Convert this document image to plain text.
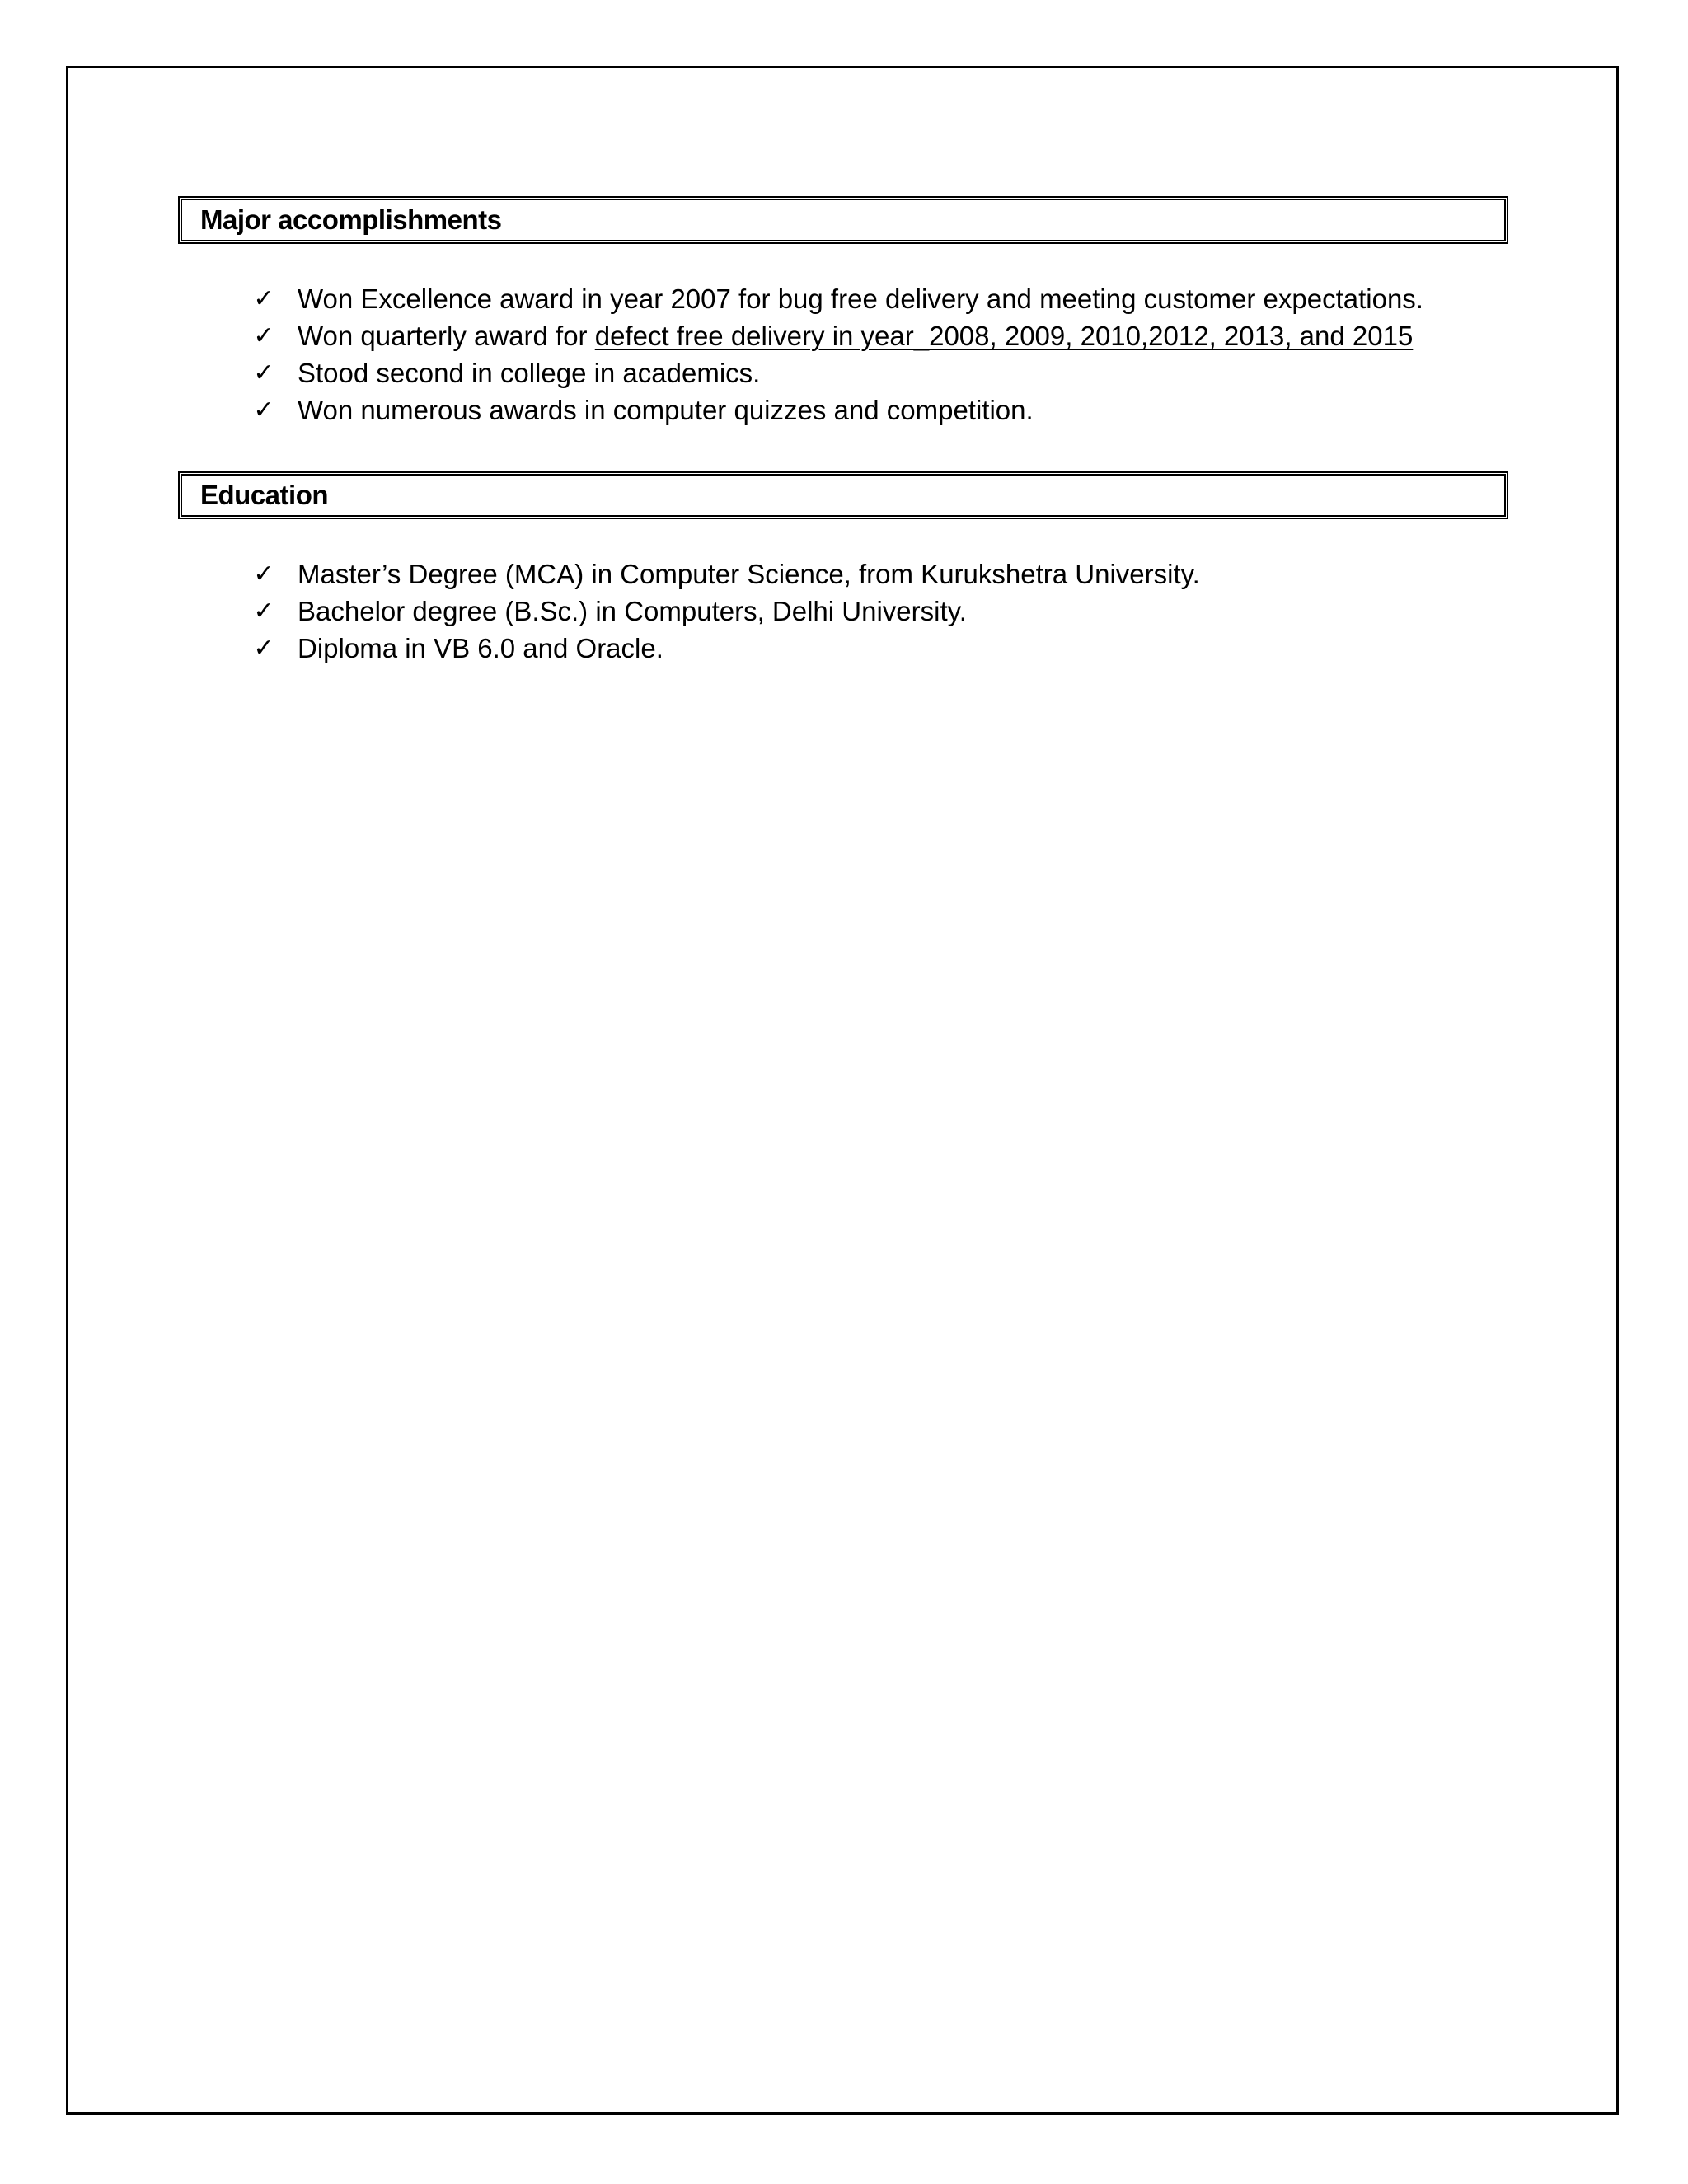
Major accomplishments
✓ Won Excellence award in year 2007 for bug free delivery and meeting customer expectations.
✓ Won quarterly award for defect free delivery in year_2008, 2009, 2010,2012, 2013, and 2015
✓ Stood second in college in academics.
✓ Won numerous awards in computer quizzes and competition.
Education
✓ Master’s Degree (MCA) in Computer Science, from Kurukshetra University.
✓ Bachelor degree (B.Sc.) in Computers, Delhi University.
✓ Diploma in VB 6.0 and Oracle.
